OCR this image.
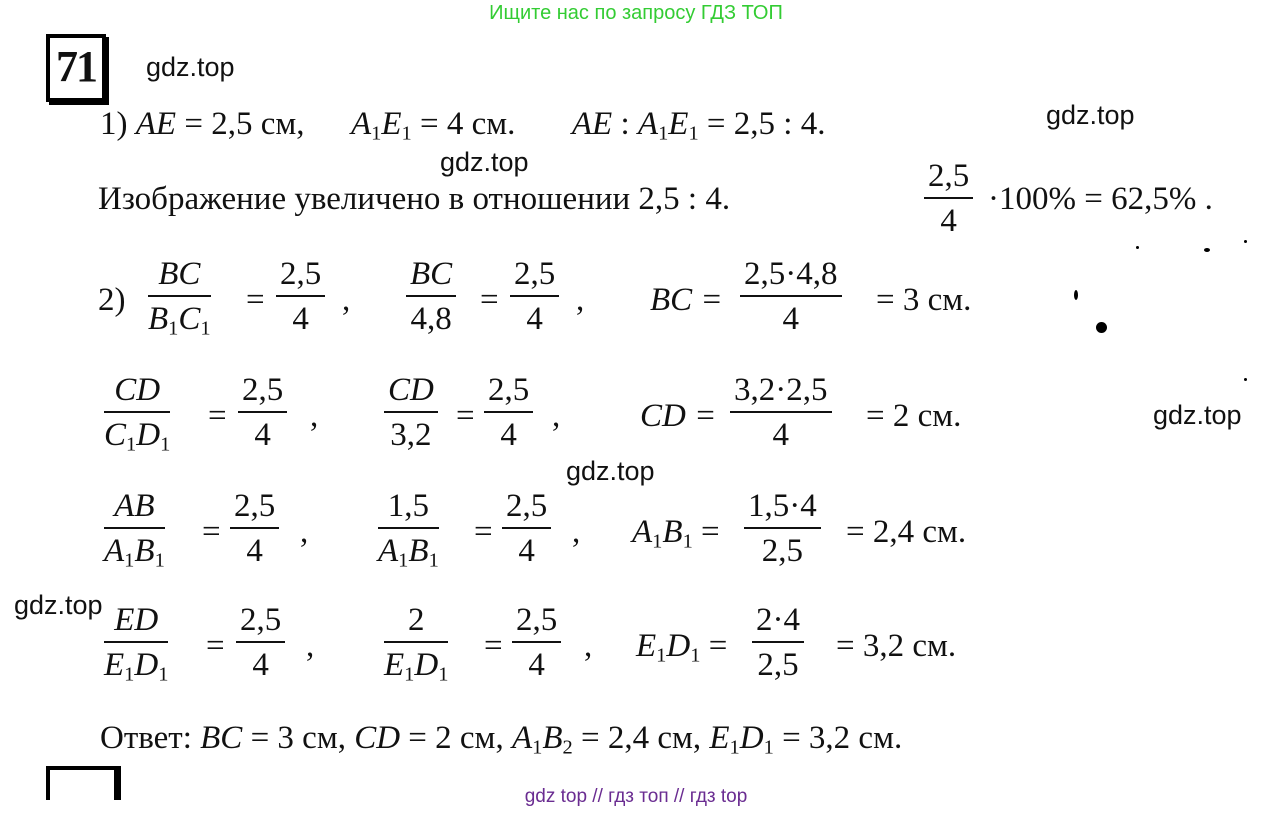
Ищите нас по запросу ГДЗ ТОП
71	gdz.top
gdz.top
gdz.top
gdz.top
gdz.top
gdz.top
1) AE = 2,5 см, $A_1E_1 = 4$ см. AE : $A_1E_1 = 2,5$ : 4.
Изображение увеличено в отношении 2,5 : 4.	$\frac{2,5}{4} \cdot 100\% = 62,5\%$ .
$2) \frac{BC}{B_1C_1} = \frac{2,5}{4}$ , $\frac{BC}{4,8} = \frac{2,5}{4}$ , BC = $\frac{2,5\cdot 4,8}{4} = 3$ см.
$\frac{CD}{C_1D_1} = \frac{2,5}{4}$ , $\frac{CD}{3,2} = \frac{2,5}{4}$ , CD = $\frac{3,2\cdot 2,5}{4} = 2$ см.
$\frac{AB}{A_1B_1} = \frac{2,5}{4}$ , $\frac{1,5}{A_1B_1} = \frac{2,5}{4}$ , $A_1B_1 = \frac{1,5\cdot 4}{2,5} = 2,4$ см.
$\frac{ED}{E_1D_1} = \frac{2,5}{4}$ , $\frac{2}{E_1D_1} = \frac{2,5}{4}$ , $E_1D_1 = \frac{2\cdot 4}{2,5} = 3,2$ см.
Ответ: BC = 3 см, CD = 2 см, $A_1B_2 = 2,4$ см, $E_1D_1 = 3,2$ см.
gdz top // гдз топ // гдз top
